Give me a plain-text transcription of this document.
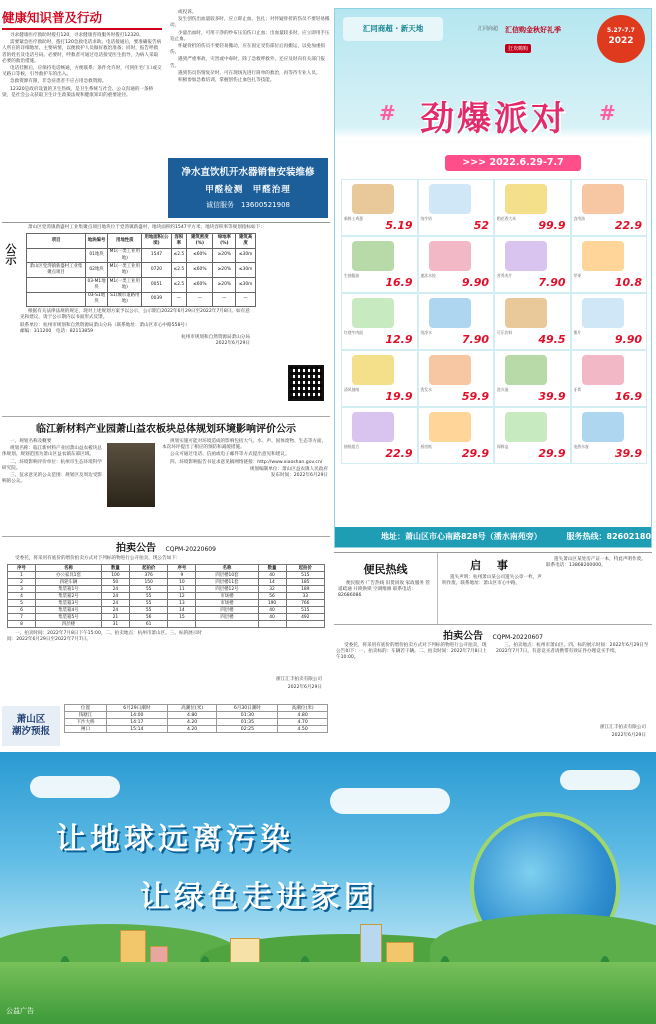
健康知识普及行动

寻求健康医疗救助时拨打120，寻求健康咨询服务时拨打12320。

需要紧急医疗救助时，拨打120急救电话求助。电话接通后，要准确报告病人所在的详细地址、主要病情，以便救护人员做好救治准备；同时，报告呼救者的姓名及电话号码。必要时，呼救者可通过电话接受医生指导，为病人采取必要的救治措施。

电话挂断后，应保持电话畅通，方便联系；条件允许时，可到住宅门口或交叉路口等候，引导救护车的出入。

急救资源有限，非急症患者不应占用急救资源。

12320是政府设置的卫生热线，是卫生系统与社会、公众沟通的一条桥梁，是社会公众获取卫生计生政策法规和健康知识的重要途径。

或投诉。

发生创伤出血量较多时，应立即止血、包扎；对怀疑骨折的伤员不要轻易搬动。

少量出血时，可用干净的纱布压迫伤口止血；出血量较多时，应立即用手压迫止血。

怀疑骨折的伤员不要轻易搬动，应在固定受伤部位后再搬运，以免加重损伤。

遇到严重事故、灾害或中毒时，除了急救呼救外，还应及时向有关部门报告。

遇到伤员伤情复杂时，可在现场先进行简单的救治，再等待专业人员。

积极参加急救培训，掌握创伤止血包扎等技能。

净水直饮机开水器销售安装维修
甲醛检测　甲醛治理
诚信服务　13600521908
公示

萧山区党湾镇新盛村工业集聚点项目地块位于党湾镇新盛村，地块面积约1547平方米，地块容积率等规划指标如下：

项目	地块编号	用地性质	用地面积(公顷)	容积率	建筑密度(%)	绿地率(%)	建筑高度
	01地块	M1(一类工业用地)	1547	≤2.5	≤60%	≥20%	≤30m
萧山区党湾镇新盛村工业集聚点项目	02地块	M1(一类工业用地)	0720	≤2.5	≤60%	≥20%	≤30m
	03-M1地块	M1(一类工业用地)	0051	≤2.5	≤60%	≥20%	≤30m
	03-S1地块	S1(城市道路用地)	0039	—	—	—	—

根据有关法律法规的规定，现对上述规划方案予以公示，公示期自2022年6月29日至2022年7月8日。如有意见和建议，请于公示期内以书面形式反馈。

联系单位：杭州市规划和自然资源局萧山分局（联系地址：萧山区市心中路558号）

邮编：311200　电话：82113859

杭州市规划和自然资源局萧山分局

2022年6月29日

临江新材料产业园萧山益农板块总体规划环境影响评价公示

一、规划名称及概要

规划名称：临江新材料产业园萧山益农板块总体规划。规划范围为萧山区益农镇东部区域。

二、环境影响评价单位：杭州市生态环境科学研究院。

三、征求意见的公众范围：规划区及周边受影响的公众。

规划实施可能对环境造成的影响包括大气、水、声、固体废物、生态等方面，本次环评提出了相应的预防和减缓措施。

公众可通过电话、信函或电子邮件等方式提出意见和建议。

四、环境影响报告书征求意见稿网络链接：http://www.xiaoshan.gov.cn/

规划编制单位：萧山区益农镇人民政府

发布时间：2022年6月29日

拍卖公告 CQPM-20220609

受委托，将采用有底价的增价拍卖方式对下列标的物进行公开拍卖，现公告如下：

序号	名称	数量	起拍价	序号	名称	数量	起拍价
1	办公家具1套	100	376	9	四层楼10套	40	515
2	四轮车辆	50	150	10	四层楼11套	14	185
3	集装箱1号	24	55	11	四层楼12号	32	189
4	集装箱2号	24	55	12	市场楼	56	33
5	集装箱3号	24	55	13	市场楼	190	766
6	集装箱4号	24	55	14	四层楼	40	515
7	集装箱5号	21	56	15	四层楼	40	492
8	四层楼	31	61				

一、拍卖时间：2022年7月8日下午15:00，二、拍卖地点：杭州市萧山区。三、标的展示时间：2022年6月29日至2022年7月7日。

浙江汇丰拍卖有限公司

2022年6月29日

萧山区
潮汐预报
位置	6月29日潮时	高潮位(米)	6月30日潮时	高潮位(米)
钱塘江	14:00	4.80	01:30	4.80
下沙大桥	14:17	4.20	01:35	4.70
闸口	15:14	4.20	02:25	4.50
汇同商超 · 新天地	汇同商超	汇信购金秋好礼季
狂欢嗨购
5.27-7.7
2022
# 劲爆派对	#
>>> 2022.6.29-7.7
新鲜土鸡蛋
5.19
纯牛奶
52
稻花香大米
99.9
食用油
22.9
生抽酱油
16.9
速冻水饺
9.90
营养麦片
7.90
苹果
10.8
红烧牛肉面
12.9
纯净水
7.90
可乐饮料
49.5
薯片
9.90
清风抽纸
19.9
洗发水
59.9
洗衣液
39.9
牙膏
16.9
抽纸组合
22.9
厨房纸
29.9
保鲜盒
29.9
电热水壶
39.9
地址：萧山区市心南路828号（潘水南苑旁）	服务热线：82602180
便民热线

便民服务 广告热线 旧货回收 家政服务 管道疏通 开锁换锁 空调维修 联系电话：82686086

启 事

遗失声明：杭州萧山某公司遗失公章一枚，声明作废。联系地址：萧山区市心中路。

遗失萧山区某处房产证一本，特此声明作废。联系电话：13868200000。

拍卖公告 CQPM-20220607

受委托，将采用有底价的增价拍卖方式对下列标的物进行公开拍卖，现公告如下：一、拍卖标的：车辆若干辆。二、拍卖时间：2022年7月8日上午10:00。

三、拍卖地点：杭州市萧山区。四、标的展示时间：2022年6月29日至2022年7月7日。有意竞买者请携带有效证件办理竞买手续。

浙江汇丰拍卖有限公司

2022年6月29日

让地球远离污染
让绿色走进家园
公益广告
